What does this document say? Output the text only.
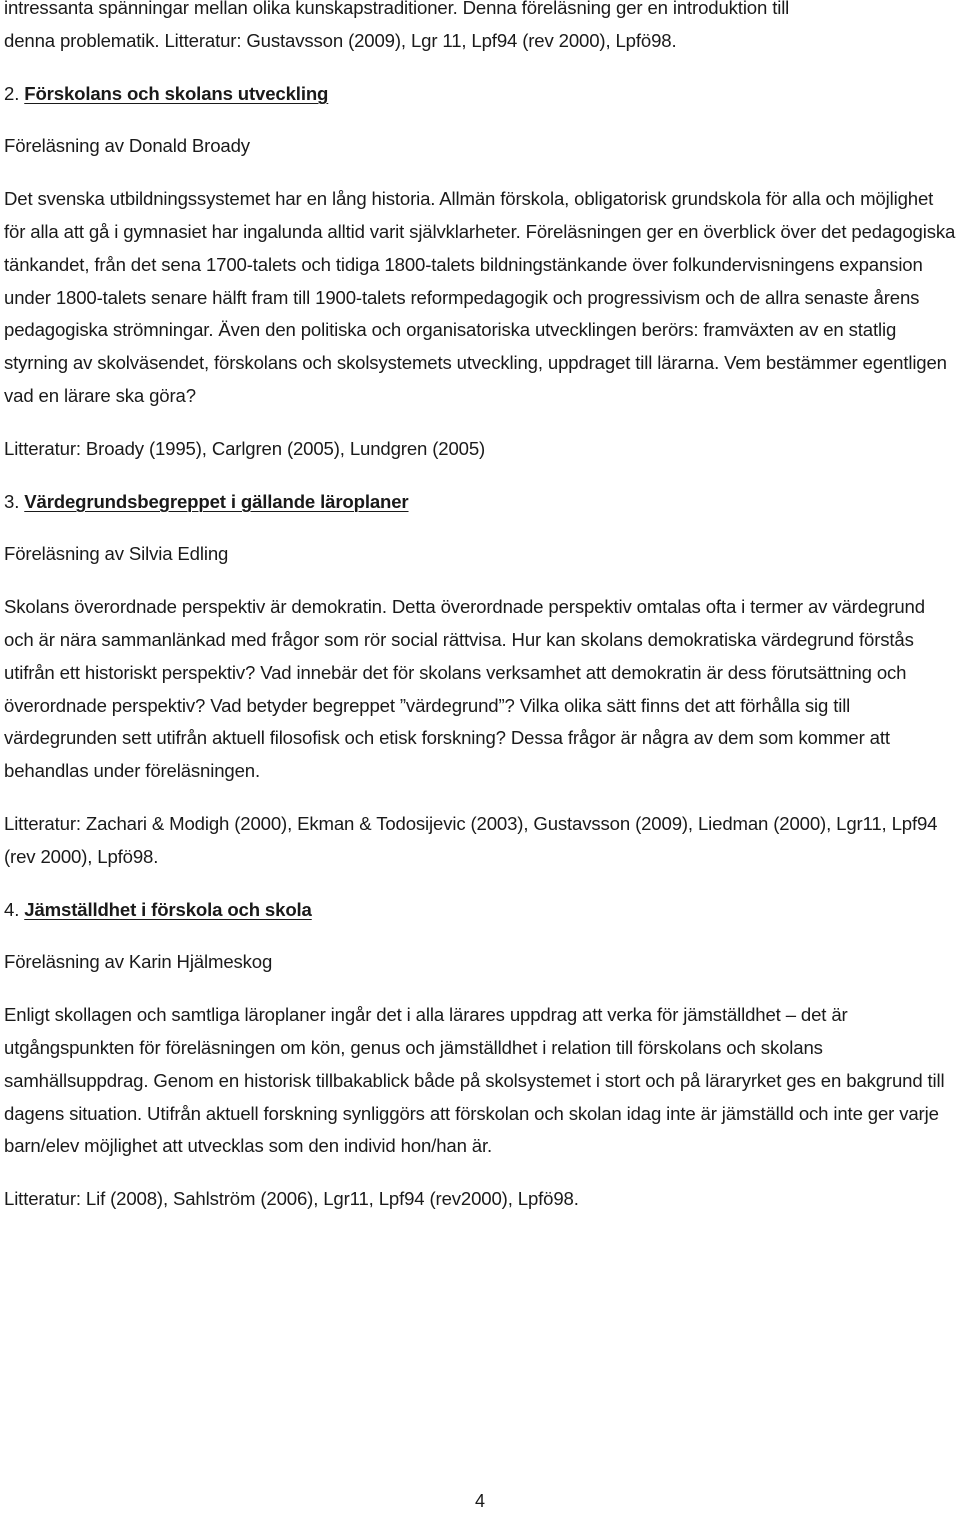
intressanta spänningar mellan olika kunskapstraditioner. Denna föreläsning ger en introduktion till

denna problematik. Litteratur: Gustavsson (2009), Lgr 11, Lpf94 (rev 2000), Lpfö98.

2. Förskolans och skolans utveckling

Föreläsning av Donald Broady

Det svenska utbildningssystemet har en lång historia. Allmän förskola, obligatorisk grundskola för alla och möjlighet för alla att gå i gymnasiet har ingalunda alltid varit självklarheter. Föreläsningen ger en överblick över det pedagogiska tänkandet, från det sena 1700-talets och tidiga 1800-talets bildningstänkande över folkundervisningens expansion under 1800-talets senare hälft fram till 1900-talets reformpedagogik och progressivism och de allra senaste årens pedagogiska strömningar. Även den politiska och organisatoriska utvecklingen berörs: framväxten av en statlig styrning av skolväsendet, förskolans och skolsystemets utveckling, uppdraget till lärarna. Vem bestämmer egentligen vad en lärare ska göra?

Litteratur: Broady (1995), Carlgren (2005), Lundgren (2005)

3. Värdegrundsbegreppet i gällande läroplaner

Föreläsning av Silvia Edling

Skolans överordnade perspektiv är demokratin. Detta överordnade perspektiv omtalas ofta i termer av värdegrund och är nära sammanlänkad med frågor som rör social rättvisa. Hur kan skolans demokratiska värdegrund förstås utifrån ett historiskt perspektiv? Vad innebär det för skolans verksamhet att demokratin är dess förutsättning och överordnade perspektiv? Vad betyder begreppet ”värdegrund”? Vilka olika sätt finns det att förhålla sig till värdegrunden sett utifrån aktuell filosofisk och etisk forskning? Dessa frågor är några av dem som kommer att behandlas under föreläsningen.

Litteratur: Zachari & Modigh (2000), Ekman & Todosijevic (2003), Gustavsson (2009), Liedman (2000), Lgr11, Lpf94 (rev 2000), Lpfö98.

4. Jämställdhet i förskola och skola

Föreläsning av Karin Hjälmeskog

Enligt skollagen och samtliga läroplaner ingår det i alla lärares uppdrag att verka för jämställdhet – det är utgångspunkten för föreläsningen om kön, genus och jämställdhet i relation till förskolans och skolans samhällsuppdrag. Genom en historisk tillbakablick både på skolsystemet i stort och på läraryrket ges en bakgrund till dagens situation. Utifrån aktuell forskning synliggörs att förskolan och skolan idag inte är jämställd och inte ger varje barn/elev möjlighet att utvecklas som den individ hon/han är.

Litteratur: Lif (2008), Sahlström (2006), Lgr11, Lpf94 (rev2000), Lpfö98.

4
